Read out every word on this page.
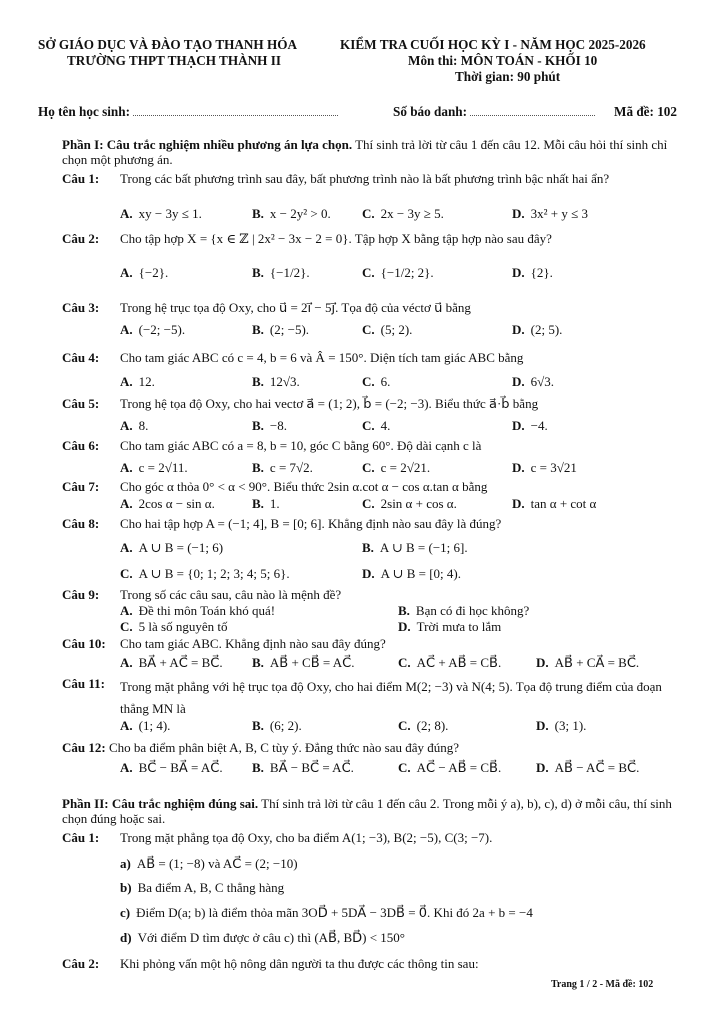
SỞ GIÁO DỤC VÀ ĐÀO TẠO THANH HÓA
TRƯỜNG THPT THẠCH THÀNH II
KIỂM TRA CUỐI HỌC KỲ I - NĂM HỌC 2025-2026
Môn thi: MÔN TOÁN - KHỐI 10
Thời gian: 90 phút
Họ tên học sinh:	Số báo danh:	Mã đề: 102
Phần I: Câu trắc nghiệm nhiều phương án lựa chọn. Thí sinh trả lời từ câu 1 đến câu 12. Mỗi câu hỏi thí sinh chỉ chọn một phương án.
Câu 1: Trong các bất phương trình sau đây, bất phương trình nào là bất phương trình bậc nhất hai ẩn?
A. xy − 3y ≤ 1.	B. x − 2y² > 0. C. 2x − 3y ≥ 5.	D. 3x² + y ≤ 3
Câu 2: Cho tập hợp X = {x ∈ ℤ | 2x² − 3x − 2 = 0}. Tập hợp X bằng tập hợp nào sau đây?
A. {−2}.	B. {−1/2}.	C. {−1/2; 2}.	D. {2}.
Câu 3: Trong hệ trục tọa độ Oxy, cho u⃗ = 2i⃗ − 5j⃗. Tọa độ của véctơ u⃗ bằng
A. (−2; −5).	B. (2; −5).	C. (5; 2).	D. (2; 5).
Câu 4: Cho tam giác ABC có c = 4, b = 6 và Â = 150°. Diện tích tam giác ABC bằng
A. 12.	B. 12√3.	C. 6.	D. 6√3.
Câu 5: Trong hệ tọa độ Oxy, cho hai vectơ a⃗ = (1; 2), b⃗ = (−2; −3). Biểu thức a⃗·b⃗ bằng
A. 8.	B. −8.	C. 4.	D. −4.
Câu 6: Cho tam giác ABC có a = 8, b = 10, góc C bằng 60°. Độ dài cạnh c là
A. c = 2√11.	B. c = 7√2.	C. c = 2√21.	D. c = 3√21
Câu 7: Cho góc α thỏa 0° < α < 90°. Biểu thức 2sin α.cot α − cos α.tan α bằng
A. 2cos α − sin α.	B. 1.	C. 2sin α + cos α.	D. tan α + cot α
Câu 8: Cho hai tập hợp A = (−1; 4], B = [0; 6]. Khẳng định nào sau đây là đúng?
A. A ∪ B = (−1; 6)	B. A ∪ B = (−1; 6].
C. A ∪ B = {0; 1; 2; 3; 4; 5; 6}.	D. A ∪ B = [0; 4).
Câu 9: Trong số các câu sau, câu nào là mệnh đề?
A. Đề thi môn Toán khó quá!	B. Bạn có đi học không?
C. 5 là số nguyên tố	D. Trời mưa to lắm
Câu 10: Cho tam giác ABC. Khẳng định nào sau đây đúng?
A. BA⃗ + AC⃗ = BC⃗. B. AB⃗ + CB⃗ = AC⃗.	C. AC⃗ + AB⃗ = CB⃗.	D. AB⃗ + CA⃗ = BC⃗.
Câu 11: Trong mặt phẳng với hệ trục tọa độ Oxy, cho hai điểm M(2; −3) và N(4; 5). Tọa độ trung điểm của đoạn thẳng MN là
A. (1; 4).	B. (6; 2).	C. (2; 8).	D. (3; 1).
Câu 12: Cho ba điểm phân biệt A, B, C tùy ý. Đẳng thức nào sau đây đúng?
A. BC⃗ − BA⃗ = AC⃗. B. BA⃗ − BC⃗ = AC⃗.	C. AC⃗ − AB⃗ = CB⃗.	D. AB⃗ − AC⃗ = BC⃗.
Phần II: Câu trắc nghiệm đúng sai. Thí sinh trả lời từ câu 1 đến câu 2. Trong mỗi ý a), b), c), d) ở mỗi câu, thí sinh chọn đúng hoặc sai.
Câu 1: Trong mặt phẳng tọa độ Oxy, cho ba điểm A(1; −3), B(2; −5), C(3; −7).
a) AB⃗ = (1; −8) và AC⃗ = (2; −10)
b) Ba điểm A, B, C thẳng hàng
c) Điểm D(a; b) là điểm thỏa mãn 3OD⃗ + 5DA⃗ − 3DB⃗ = 0⃗. Khi đó 2a + b = −4
d) Với điểm D tìm được ở câu c) thì (AB⃗, BD⃗) < 150°
Câu 2: Khi phỏng vấn một hộ nông dân người ta thu được các thông tin sau:
Trang 1 / 2 - Mã đề: 102
